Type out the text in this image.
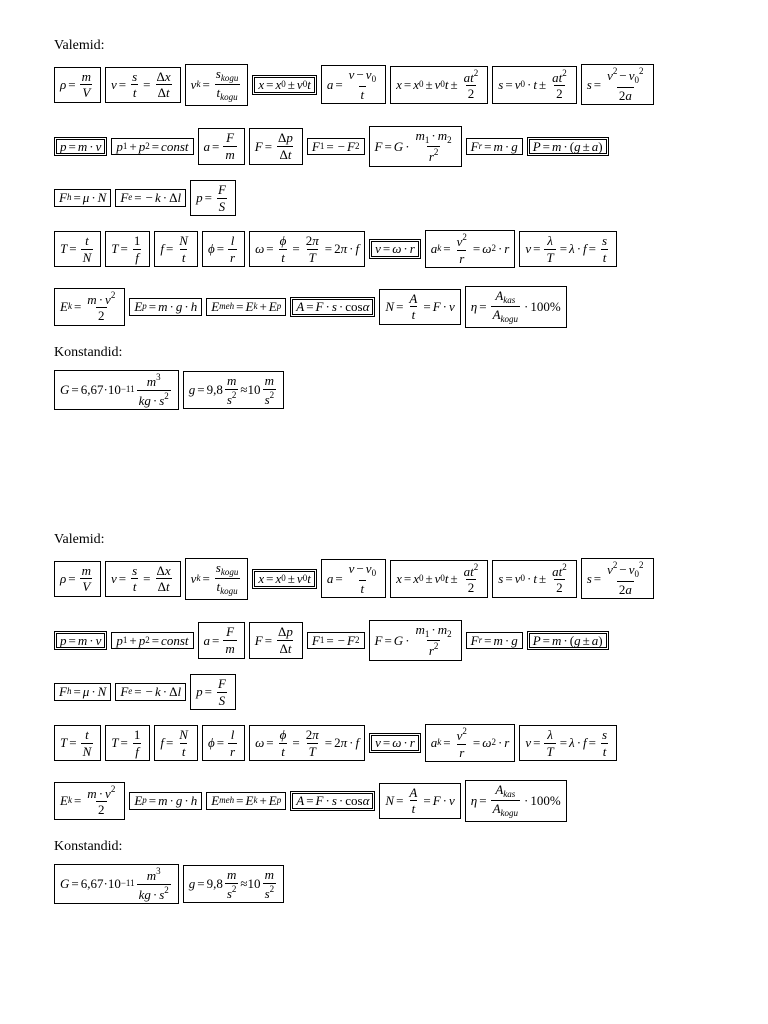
Valemid:
$\rho = \frac{m}{V}$	$v = \frac{s}{t} = \frac{\Delta x}{\Delta t}$	v $k = \frac{s_{kogu}}{t_{kogu}}$	x = x 0 ± v 0 t	$a = \frac{v - v_0}{t}$	x = x 0 ± v 0 $t \pm \frac{at^2}{2}$	s = v $0 \cdot t \pm \frac{at^2}{2}$	$s = \frac{v^2 - v_0^2}{2a}$
p = m · v	p 1 + p 2 = const	$a = \frac{F}{m}$	$F = \frac{\Delta p}{\Delta t}$	F 1 = − F 2	$F = G \cdot \frac{m_1 \cdot m_2}{r^2}$	F r = m · g	P = m · ( g ± a )
F h = μ · N	F e = − k · Δ l	$p = \frac{F}{S}$
$T = \frac{t}{N}$	$T = \frac{1}{f}$	$f = \frac{N}{t}$	$\phi = \frac{l}{r}$	$\omega = \frac{\phi}{t} = \frac{2\pi}{T} = 2$ π · f	v = ω · r	a $k = \frac{v^2}{r} = \omega$ 2 · r	$v = \frac{\lambda}{T} = \lambda \cdot f = \frac{s}{t}$
E $k = \frac{m \cdot v^2}{2}$	E p = m · g · h	E meh = E k + E p	A = F · s · cos α	$N = \frac{A}{t} = F \cdot v$	$\eta = \frac{A_{kas}}{A_{kogu}} \cdot 100\%$
Konstandid:
$G = 6,67\cdot 10 -11 \frac{m^3}{kg \cdot s^2}$	$g = 9,8 \frac{m}{s^2} \approx 10 \frac{m}{s^2}$
Valemid:
$\rho = \frac{m}{V}$	$v = \frac{s}{t} = \frac{\Delta x}{\Delta t}$	v $k = \frac{s_{kogu}}{t_{kogu}}$	x = x 0 ± v 0 t	$a = \frac{v - v_0}{t}$	x = x 0 ± v 0 $t \pm \frac{at^2}{2}$	s = v $0 \cdot t \pm \frac{at^2}{2}$	$s = \frac{v^2 - v_0^2}{2a}$
p = m · v	p 1 + p 2 = const	$a = \frac{F}{m}$	$F = \frac{\Delta p}{\Delta t}$	F 1 = − F 2	$F = G \cdot \frac{m_1 \cdot m_2}{r^2}$	F r = m · g	P = m · ( g ± a )
F h = μ · N	F e = − k · Δ l	$p = \frac{F}{S}$
$T = \frac{t}{N}$	$T = \frac{1}{f}$	$f = \frac{N}{t}$	$\phi = \frac{l}{r}$	$\omega = \frac{\phi}{t} = \frac{2\pi}{T} = 2$ π · f	v = ω · r	a $k = \frac{v^2}{r} = \omega$ 2 · r	$v = \frac{\lambda}{T} = \lambda \cdot f = \frac{s}{t}$
E $k = \frac{m \cdot v^2}{2}$	E p = m · g · h	E meh = E k + E p	A = F · s · cos α	$N = \frac{A}{t} = F \cdot v$	$\eta = \frac{A_{kas}}{A_{kogu}} \cdot 100\%$
Konstandid:
$G = 6,67\cdot 10 -11 \frac{m^3}{kg \cdot s^2}$	$g = 9,8 \frac{m}{s^2} \approx 10 \frac{m}{s^2}$
